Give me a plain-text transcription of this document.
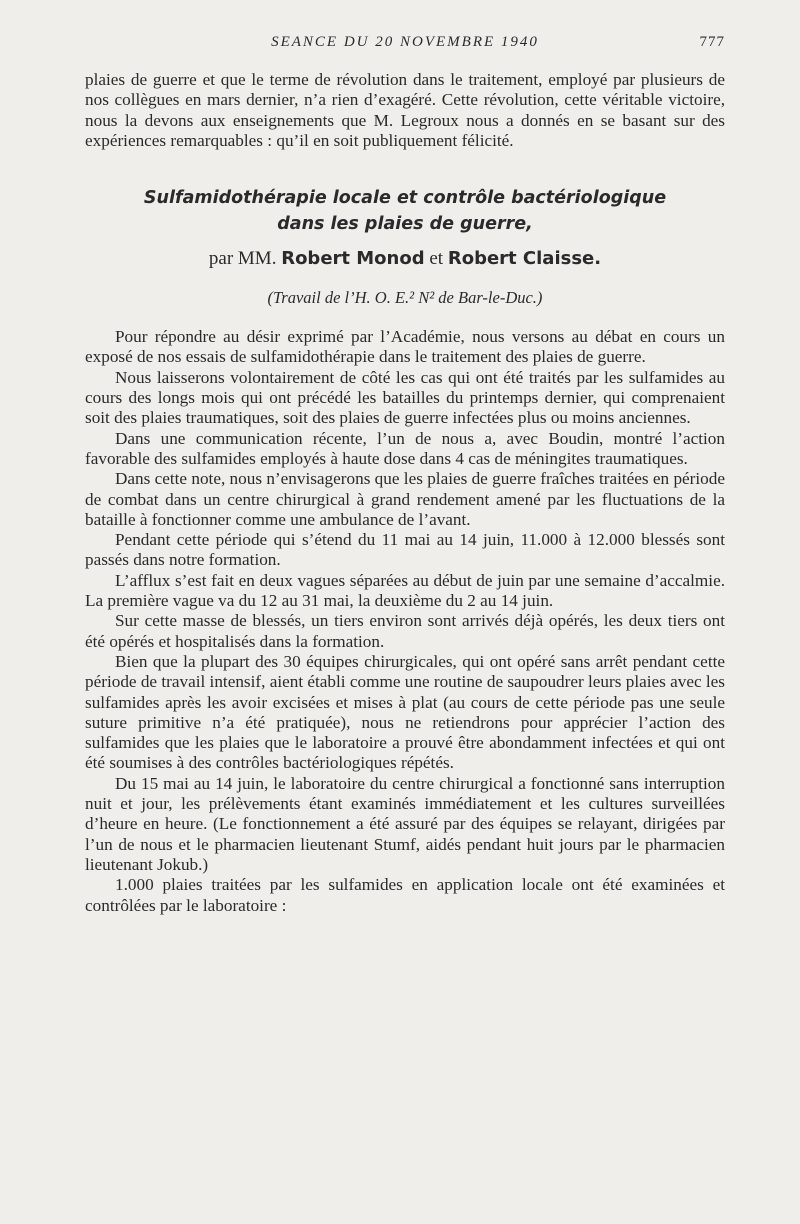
SEANCE DU 20 NOVEMBRE 1940	777

plaies de guerre et que le terme de révolution dans le traitement, employé par plusieurs de nos collègues en mars dernier, n’a rien d’exagéré. Cette révolution, cette véritable victoire, nous la devons aux enseignements que M. Legroux nous a donnés en se basant sur des expériences remarquables : qu’il en soit publiquement félicité.

Sulfamidothérapie locale et contrôle bactériologique
dans les plaies de guerre,
par MM. Robert Monod et Robert Claisse.
(Travail de l’H. O. E.² N² de Bar-le-Duc.)

Pour répondre au désir exprimé par l’Académie, nous versons au débat en cours un exposé de nos essais de sulfamidothérapie dans le traitement des plaies de guerre.

Nous laisserons volontairement de côté les cas qui ont été traités par les sulfamides au cours des longs mois qui ont précédé les batailles du printemps dernier, qui comprenaient soit des plaies traumatiques, soit des plaies de guerre infectées plus ou moins anciennes.

Dans une communication récente, l’un de nous a, avec Boudin, montré l’action favorable des sulfamides employés à haute dose dans 4 cas de méningites traumatiques.

Dans cette note, nous n’envisagerons que les plaies de guerre fraîches traitées en période de combat dans un centre chirurgical à grand rendement amené par les fluctuations de la bataille à fonctionner comme une ambulance de l’avant.

Pendant cette période qui s’étend du 11 mai au 14 juin, 11.000 à 12.000 blessés sont passés dans notre formation.

L’afflux s’est fait en deux vagues séparées au début de juin par une semaine d’accalmie. La première vague va du 12 au 31 mai, la deuxième du 2 au 14 juin.

Sur cette masse de blessés, un tiers environ sont arrivés déjà opérés, les deux tiers ont été opérés et hospitalisés dans la formation.

Bien que la plupart des 30 équipes chirurgicales, qui ont opéré sans arrêt pendant cette période de travail intensif, aient établi comme une routine de saupoudrer leurs plaies avec les sulfamides après les avoir excisées et mises à plat (au cours de cette période pas une seule suture primitive n’a été pratiquée), nous ne retiendrons pour apprécier l’action des sulfamides que les plaies que le laboratoire a prouvé être abondamment infectées et qui ont été soumises à des contrôles bactériologiques répétés.

Du 15 mai au 14 juin, le laboratoire du centre chirurgical a fonctionné sans interruption nuit et jour, les prélèvements étant examinés immédiatement et les cultures surveillées d’heure en heure. (Le fonctionnement a été assuré par des équipes se relayant, dirigées par l’un de nous et le pharmacien lieutenant Stumf, aidés pendant huit jours par le pharmacien lieutenant Jokub.)

1.000 plaies traitées par les sulfamides en application locale ont été examinées et contrôlées par le laboratoire :
